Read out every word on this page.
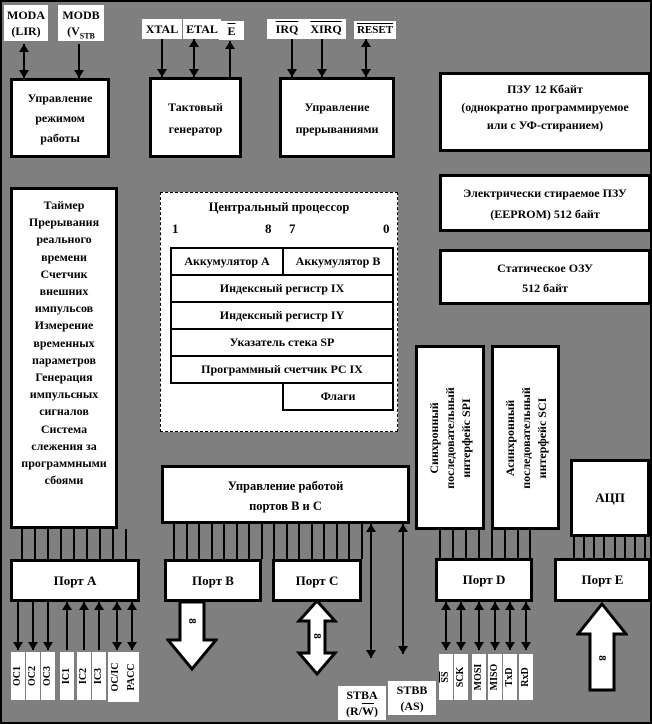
MODA
(LIR)
MODB
($V_{STB}$	XTAL ETAL $\overline{E}$	$\overline{IRQ}$	XIRQ	RESET
Управление
режимом
работы
Тактовый
генератор
Управление
прерываниями
ПЗУ 12 Кбайт
(однократно программируемое
или с УФ-стиранием)
Электрически стираемое ПЗУ
(EEPROM) 512 байт
Статическое ОЗУ
512 байт
Таймер
Прерывания
реального
времени
Счетчик
внешних
импульсов
Измерение
временных
параметров
Генерация
импульсных
сигналов
Система
слежения за
программными
сбоями
Центральный процессор
1	8 7	0
Аккумулятор A	Аккумулятор B
Индексный регистр IX
Индексный регистр IY
Указатель стека SP
Программный счетчик PC IX
Флаги
Управление работой
портов B и C
Синхронный последовательный интерфейс SPI Асинхронный последовательный интерфейс SCI
АЦП
Порт A	Порт B	Порт C	Порт D	Порт E
8
8
8
OC1 OC2 OC3 IC1 IC2 IC3 OC/IC PACC	$\overline{SS}$ SCK MOSI MISO TxD RxD
STBA
$(R/\overline{W})$
STBB
(AS)
